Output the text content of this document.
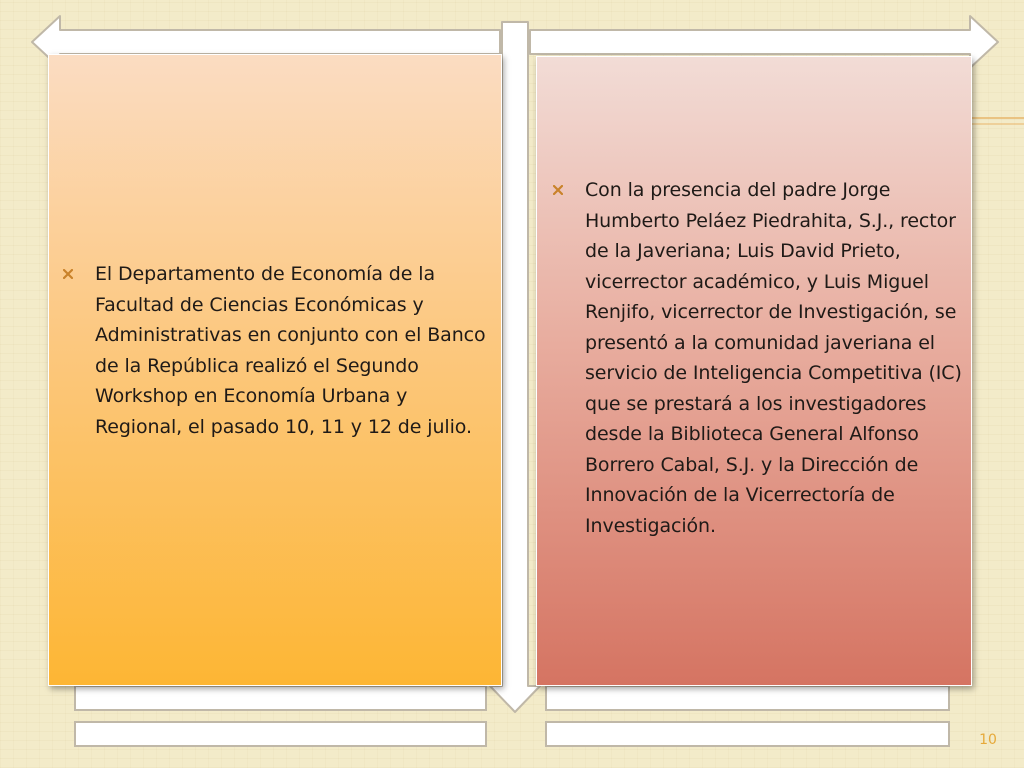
El Departamento de Economía de la Facultad de Ciencias Económicas y Administrativas en conjunto con el Banco de la República realizó el Segundo Workshop en Economía Urbana y Regional, el pasado 10, 11 y 12 de julio.
Con la presencia del padre Jorge Humberto Peláez Piedrahita, S.J., rector de la Javeriana; Luis David Prieto, vicerrector académico, y Luis Miguel Renjifo, vicerrector de Investigación, se presentó a la comunidad javeriana el servicio de Inteligencia Competitiva (IC) que se prestará a los investigadores desde la Biblioteca General Alfonso Borrero Cabal, S.J. y la Dirección de Innovación de la Vicerrectoría de Investigación.
10
